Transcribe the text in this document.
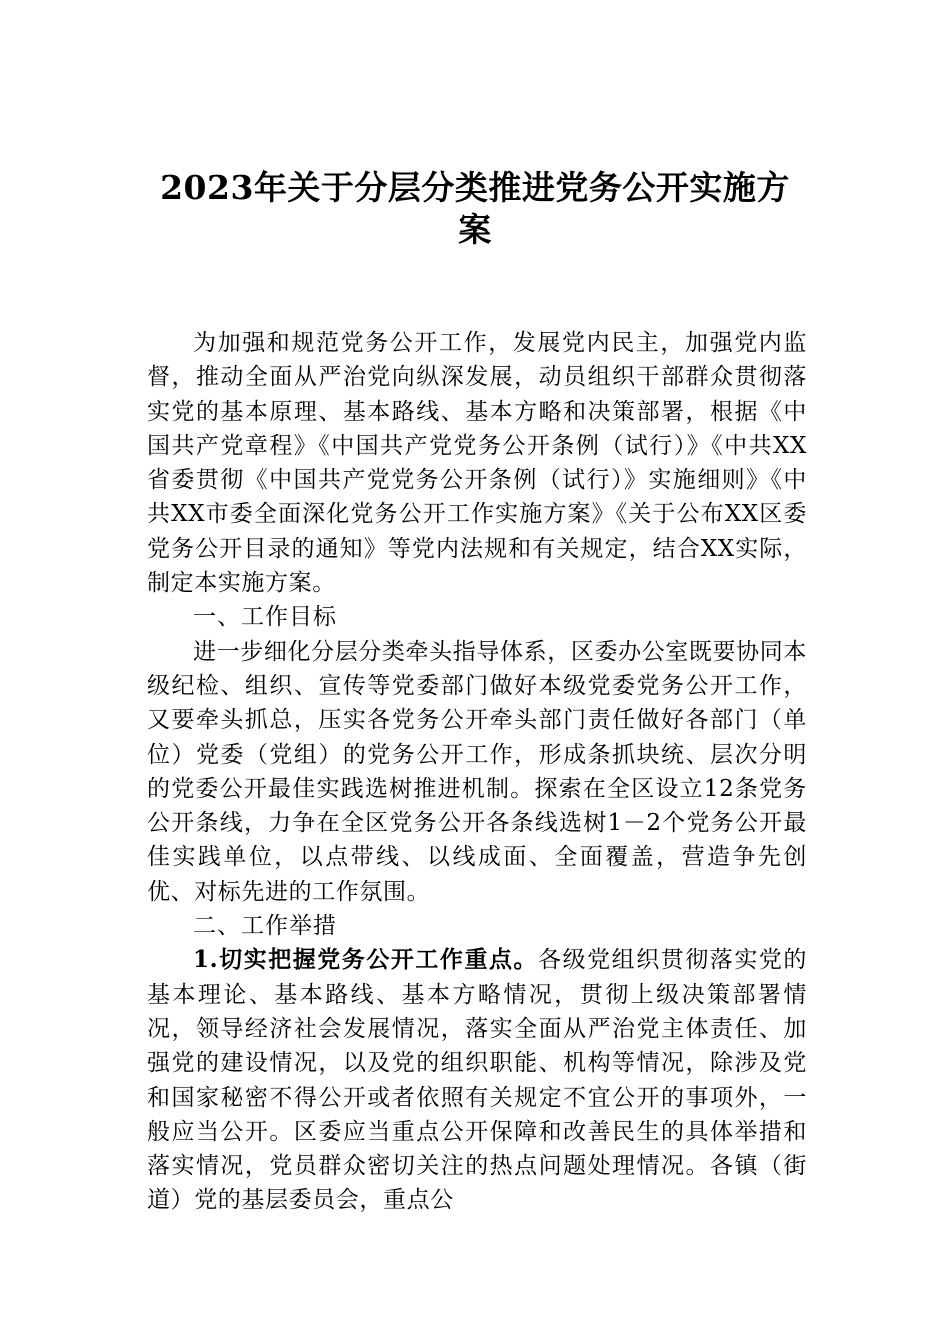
2023年关于分层分类推进党务公开实施方
案

为加强和规范党务公开工作，发展党内民主，加强党内监督，推动全面从严治党向纵深发展，动员组织干部群众贯彻落实党的基本原理、基本路线、基本方略和决策部署，根据《中国共产党章程》《中国共产党党务公开条例（试行）》《中共XX省委贯彻《中国共产党党务公开条例（试行）》实施细则》《中共XX市委全面深化党务公开工作实施方案》《关于公布XX区委党务公开目录的通知》等党内法规和有关规定，结合XX实际，制定本实施方案。

一、工作目标

进一步细化分层分类牵头指导体系，区委办公室既要协同本级纪检、组织、宣传等党委部门做好本级党委党务公开工作，又要牵头抓总，压实各党务公开牵头部门责任做好各部门（单位）党委（党组）的党务公开工作，形成条抓块统、层次分明的党委公开最佳实践选树推进机制。探索在全区设立12条党务公开条线，力争在全区党务公开各条线选树1－2个党务公开最佳实践单位，以点带线、以线成面、全面覆盖，营造争先创优、对标先进的工作氛围。

二、工作举措

1.切实把握党务公开工作重点。各级党组织贯彻落实党的基本理论、基本路线、基本方略情况，贯彻上级决策部署情况，领导经济社会发展情况，落实全面从严治党主体责任、加强党的建设情况，以及党的组织职能、机构等情况，除涉及党和国家秘密不得公开或者依照有关规定不宜公开的事项外，一般应当公开。区委应当重点公开保障和改善民生的具体举措和落实情况，党员群众密切关注的热点问题处理情况。各镇（街道）党的基层委员会，重点公
